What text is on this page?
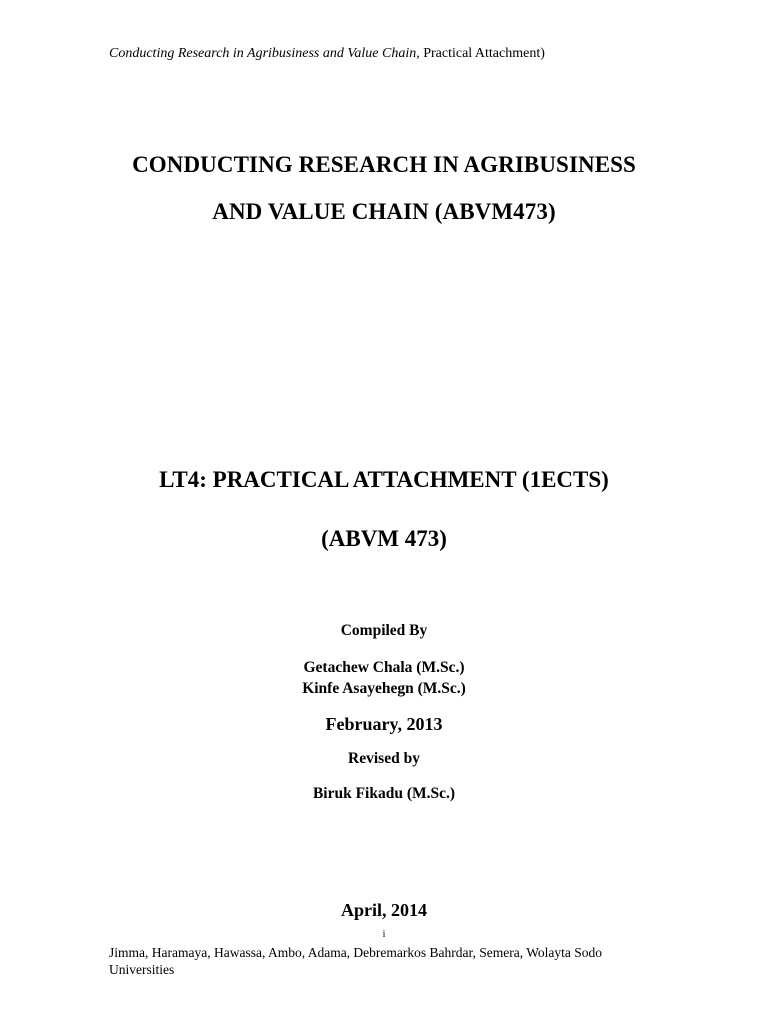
Conducting Research in Agribusiness and Value Chain, Practical Attachment)
CONDUCTING RESEARCH IN AGRIBUSINESS
AND VALUE CHAIN (ABVM473)
LT4: PRACTICAL ATTACHMENT (1ECTS)
(ABVM 473)
Compiled By
Getachew Chala (M.Sc.)
Kinfe Asayehegn (M.Sc.)
February, 2013
Revised by
Biruk Fikadu (M.Sc.)
April, 2014
i
Jimma, Haramaya, Hawassa, Ambo, Adama, Debremarkos Bahrdar, Semera, Wolayta Sodo Universities
